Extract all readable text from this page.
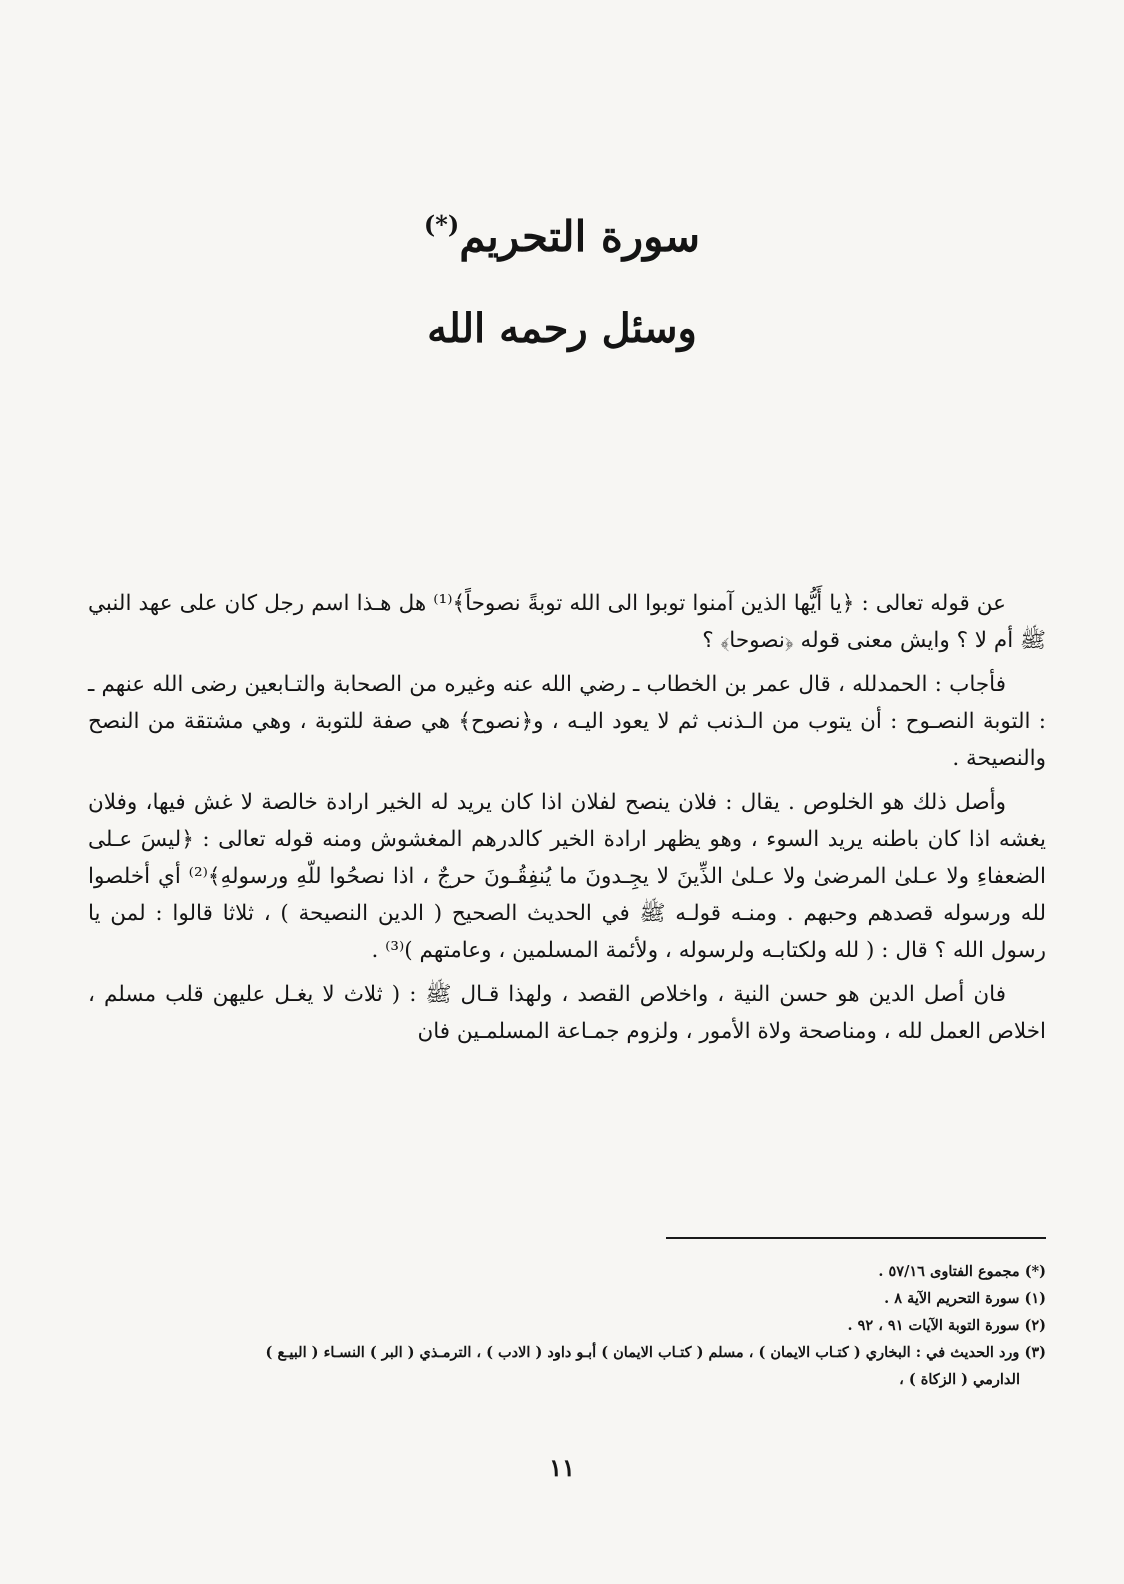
سورة التحريم(*)
وسئل رحمه الله

عن قوله تعالى : ﴿يا أَيُّها الذين آمنوا توبوا الى الله توبةً نصوحاً﴾⁽¹⁾ هل هـذا اسم رجل كان على عهد النبي ﷺ أم لا ؟ وايش معنى قوله ﴿نصوحا﴾ ؟

فأجاب : الحمدلله ، قال عمر بن الخطاب ـ رضي الله عنه وغيره من الصحابة والتـابعين رضى الله عنهم ـ : التوبة النصـوح : أن يتوب من الـذنب ثم لا يعود اليـه ، و﴿نصوح﴾ هي صفة للتوبة ، وهي مشتقة من النصح والنصيحة .

وأصل ذلك هو الخلوص . يقال : فلان ينصح لفلان اذا كان يريد له الخير ارادة خالصة لا غش فيها، وفلان يغشه اذا كان باطنه يريد السوء ، وهو يظهر ارادة الخير كالدرهم المغشوش ومنه قوله تعالى : ﴿ليسَ عـلى الضعفاءِ ولا عـلىٰ المرضىٰ ولا عـلىٰ الذِّينَ لا يجِـدونَ ما يُنفِقُـونَ حرجٌ ، اذا نصحُوا للّهِ ورسولهِ﴾⁽²⁾ أي أخلصوا لله ورسوله قصدهم وحبهم . ومنـه قولـه ﷺ في الحديث الصحيح ( الدين النصيحة ) ، ثلاثا قالوا : لمن يا رسول الله ؟ قال : ( لله ولكتابـه ولرسوله ، ولأئمة المسلمين ، وعامتهم )⁽³⁾ .

فان أصل الدين هو حسن النية ، واخلاص القصد ، ولهذا قـال ﷺ : ( ثلاث لا يغـل عليهن قلب مسلم ، اخلاص العمل لله ، ومناصحة ولاة الأمور ، ولزوم جمـاعة المسلمـين فان

(*) مجموع الفتاوى ٥٧/١٦ .
(١) سورة التحريم الآية ٨ .
(٢) سورة التوبة الآيات ٩١ ، ٩٢ .
(٣) ورد الحديث في : البخاري ( كتـاب الايمان ) ، مسلم ( كتـاب الايمان ) أبـو داود ( الادب ) ، الترمـذي ( البر ) النسـاء ( البيـع )
الدارمي ( الزكاة ) ،
١١
